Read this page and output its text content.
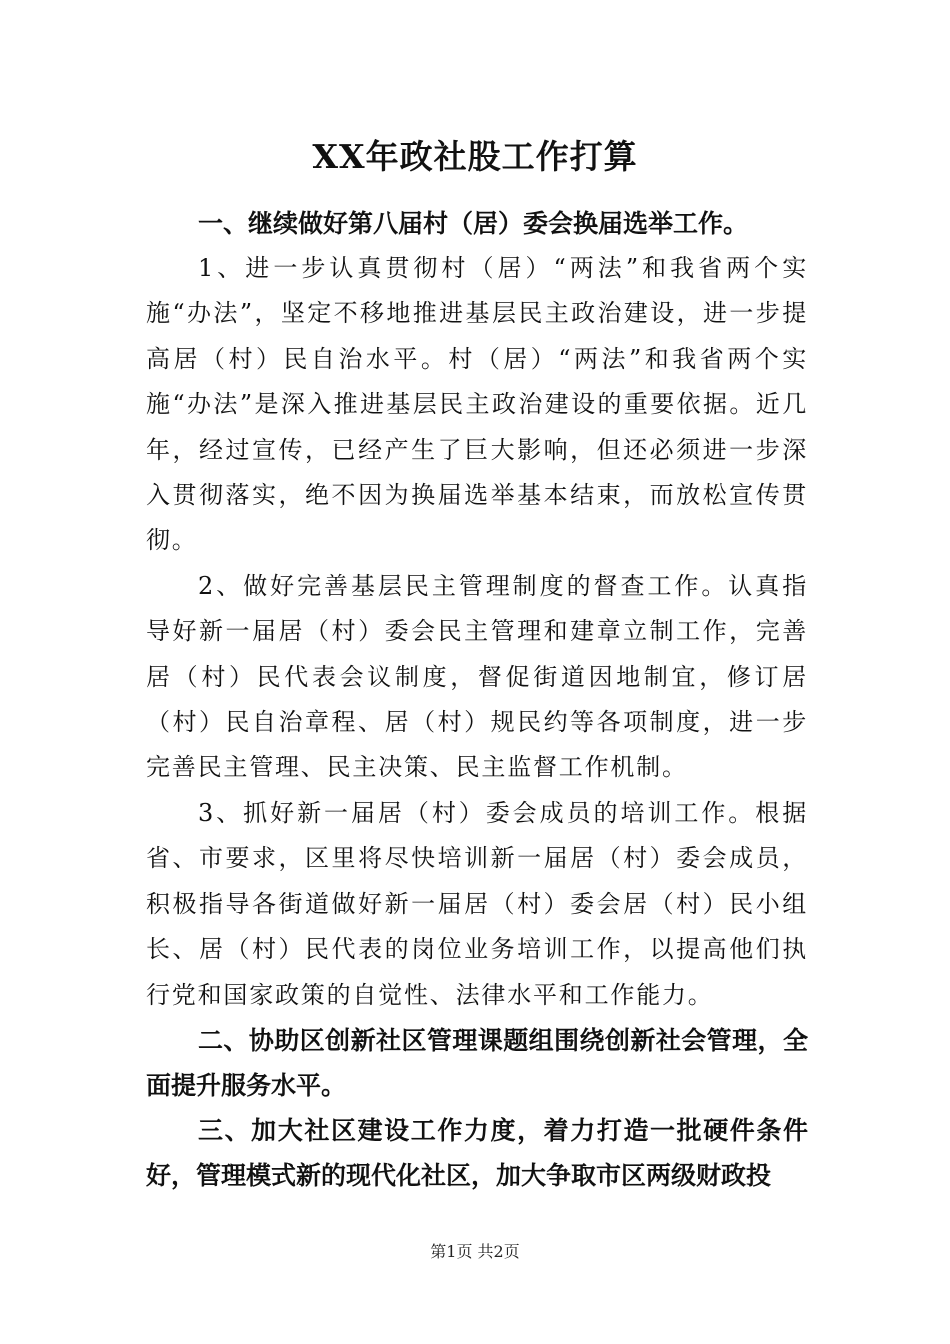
XX年政社股工作打算

一、继续做好第八届村（居）委会换届选举工作。

1、进一步认真贯彻村（居）“两法”和我省两个实施“办法”，坚定不移地推进基层民主政治建设，进一步提高居（村）民自治水平。村（居）“两法”和我省两个实施“办法”是深入推进基层民主政治建设的重要依据。近几年，经过宣传，已经产生了巨大影响，但还必须进一步深入贯彻落实，绝不因为换届选举基本结束，而放松宣传贯彻。

2、做好完善基层民主管理制度的督查工作。认真指导好新一届居（村）委会民主管理和建章立制工作，完善居（村）民代表会议制度，督促街道因地制宜，修订居（村）民自治章程、居（村）规民约等各项制度，进一步完善民主管理、民主决策、民主监督工作机制。

3、抓好新一届居（村）委会成员的培训工作。根据省、市要求，区里将尽快培训新一届居（村）委会成员，积极指导各街道做好新一届居（村）委会居（村）民小组长、居（村）民代表的岗位业务培训工作，以提高他们执行党和国家政策的自觉性、法律水平和工作能力。

二、协助区创新社区管理课题组围绕创新社会管理，全面提升服务水平。

三、加大社区建设工作力度，着力打造一批硬件条件好，管理模式新的现代化社区，加大争取市区两级财政投

第1页 共2页
